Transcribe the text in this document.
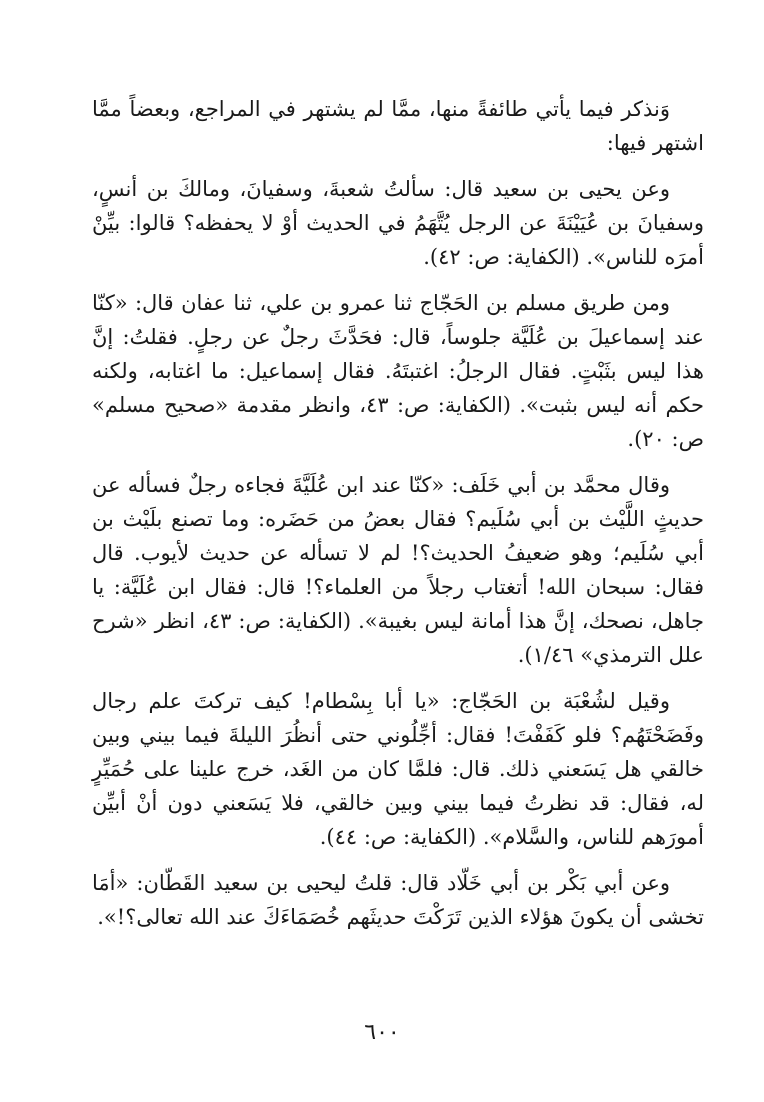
وَنذكر فيما يأتي طائفةً منها، ممَّا لم يشتهر في المراجع، وبعضاً ممَّا اشتهر فيها:

وعن يحيى بن سعيد قال: سألتُ شعبةَ، وسفيانَ، ومالكَ بن أنسٍ، وسفيانَ بن عُيَيْنَةَ عن الرجل يُتَّهَمُ في الحديث أوْ لا يحفظه؟ قالوا: بيِّنْ أمرَه للناس». (الكفاية: ص: ٤٢).

ومن طريق مسلم بن الحَجّاج ثنا عمرو بن علي، ثنا عفان قال: «كنّا عند إسماعيلَ بن عُلَيَّة جلوساً، قال: فحَدَّثَ رجلٌ عن رجلٍ. فقلتُ: إنَّ هذا ليس بثَبْتٍ. فقال الرجلُ: اغتبتَهُ. فقال إسماعيل: ما اغتابه، ولكنه حكم أنه ليس بثبت». (الكفاية: ص: ٤٣، وانظر مقدمة «صحيح مسلم» ص: ٢٠).

وقال محمَّد بن أبي خَلَف: «كنّا عند ابن عُلَيَّةَ فجاءه رجلٌ فسأله عن حديثٍ اللَّيْث بن أبي سُلَيم؟ فقال بعضُ من حَضَره: وما تصنع بلَيْث بن أبي سُلَيم؛ وهو ضعيفُ الحديث؟! لم لا تسأله عن حديث لأيوب. قال فقال: سبحان الله! أتغتاب رجلاً من العلماء؟! قال: فقال ابن عُلَيَّة: يا جاهل، نصحك، إنَّ هذا أمانة ليس بغيبة». (الكفاية: ص: ٤٣، انظر «شرح علل الترمذي» ١/٤٦).

وقيل لشُعْبَة بن الحَجّاج: «يا أبا بِسْطام! كيف تركتَ علم رجال وفَضَحْتَهُم؟ فلو كَفَفْتَ! فقال: أجِّلُوني حتى أنظُرَ الليلةَ فيما بيني وبين خالقي هل يَسَعني ذلك. قال: فلمَّا كان من الغَد، خرج علينا على حُمَيِّرٍ له، فقال: قد نظرتُ فيما بيني وبين خالقي، فلا يَسَعني دون أنْ أبيِّن أمورَهم للناس، والسَّلام». (الكفاية: ص: ٤٤).

وعن أبي بَكْر بن أبي خَلّاد قال: قلتُ ليحيى بن سعيد القَطّان: «أمَا تخشى أن يكونَ هؤلاء الذين تَرَكْتَ حديثَهم خُصَمَاءَكَ عند الله تعالى؟!».

٦٠٠
